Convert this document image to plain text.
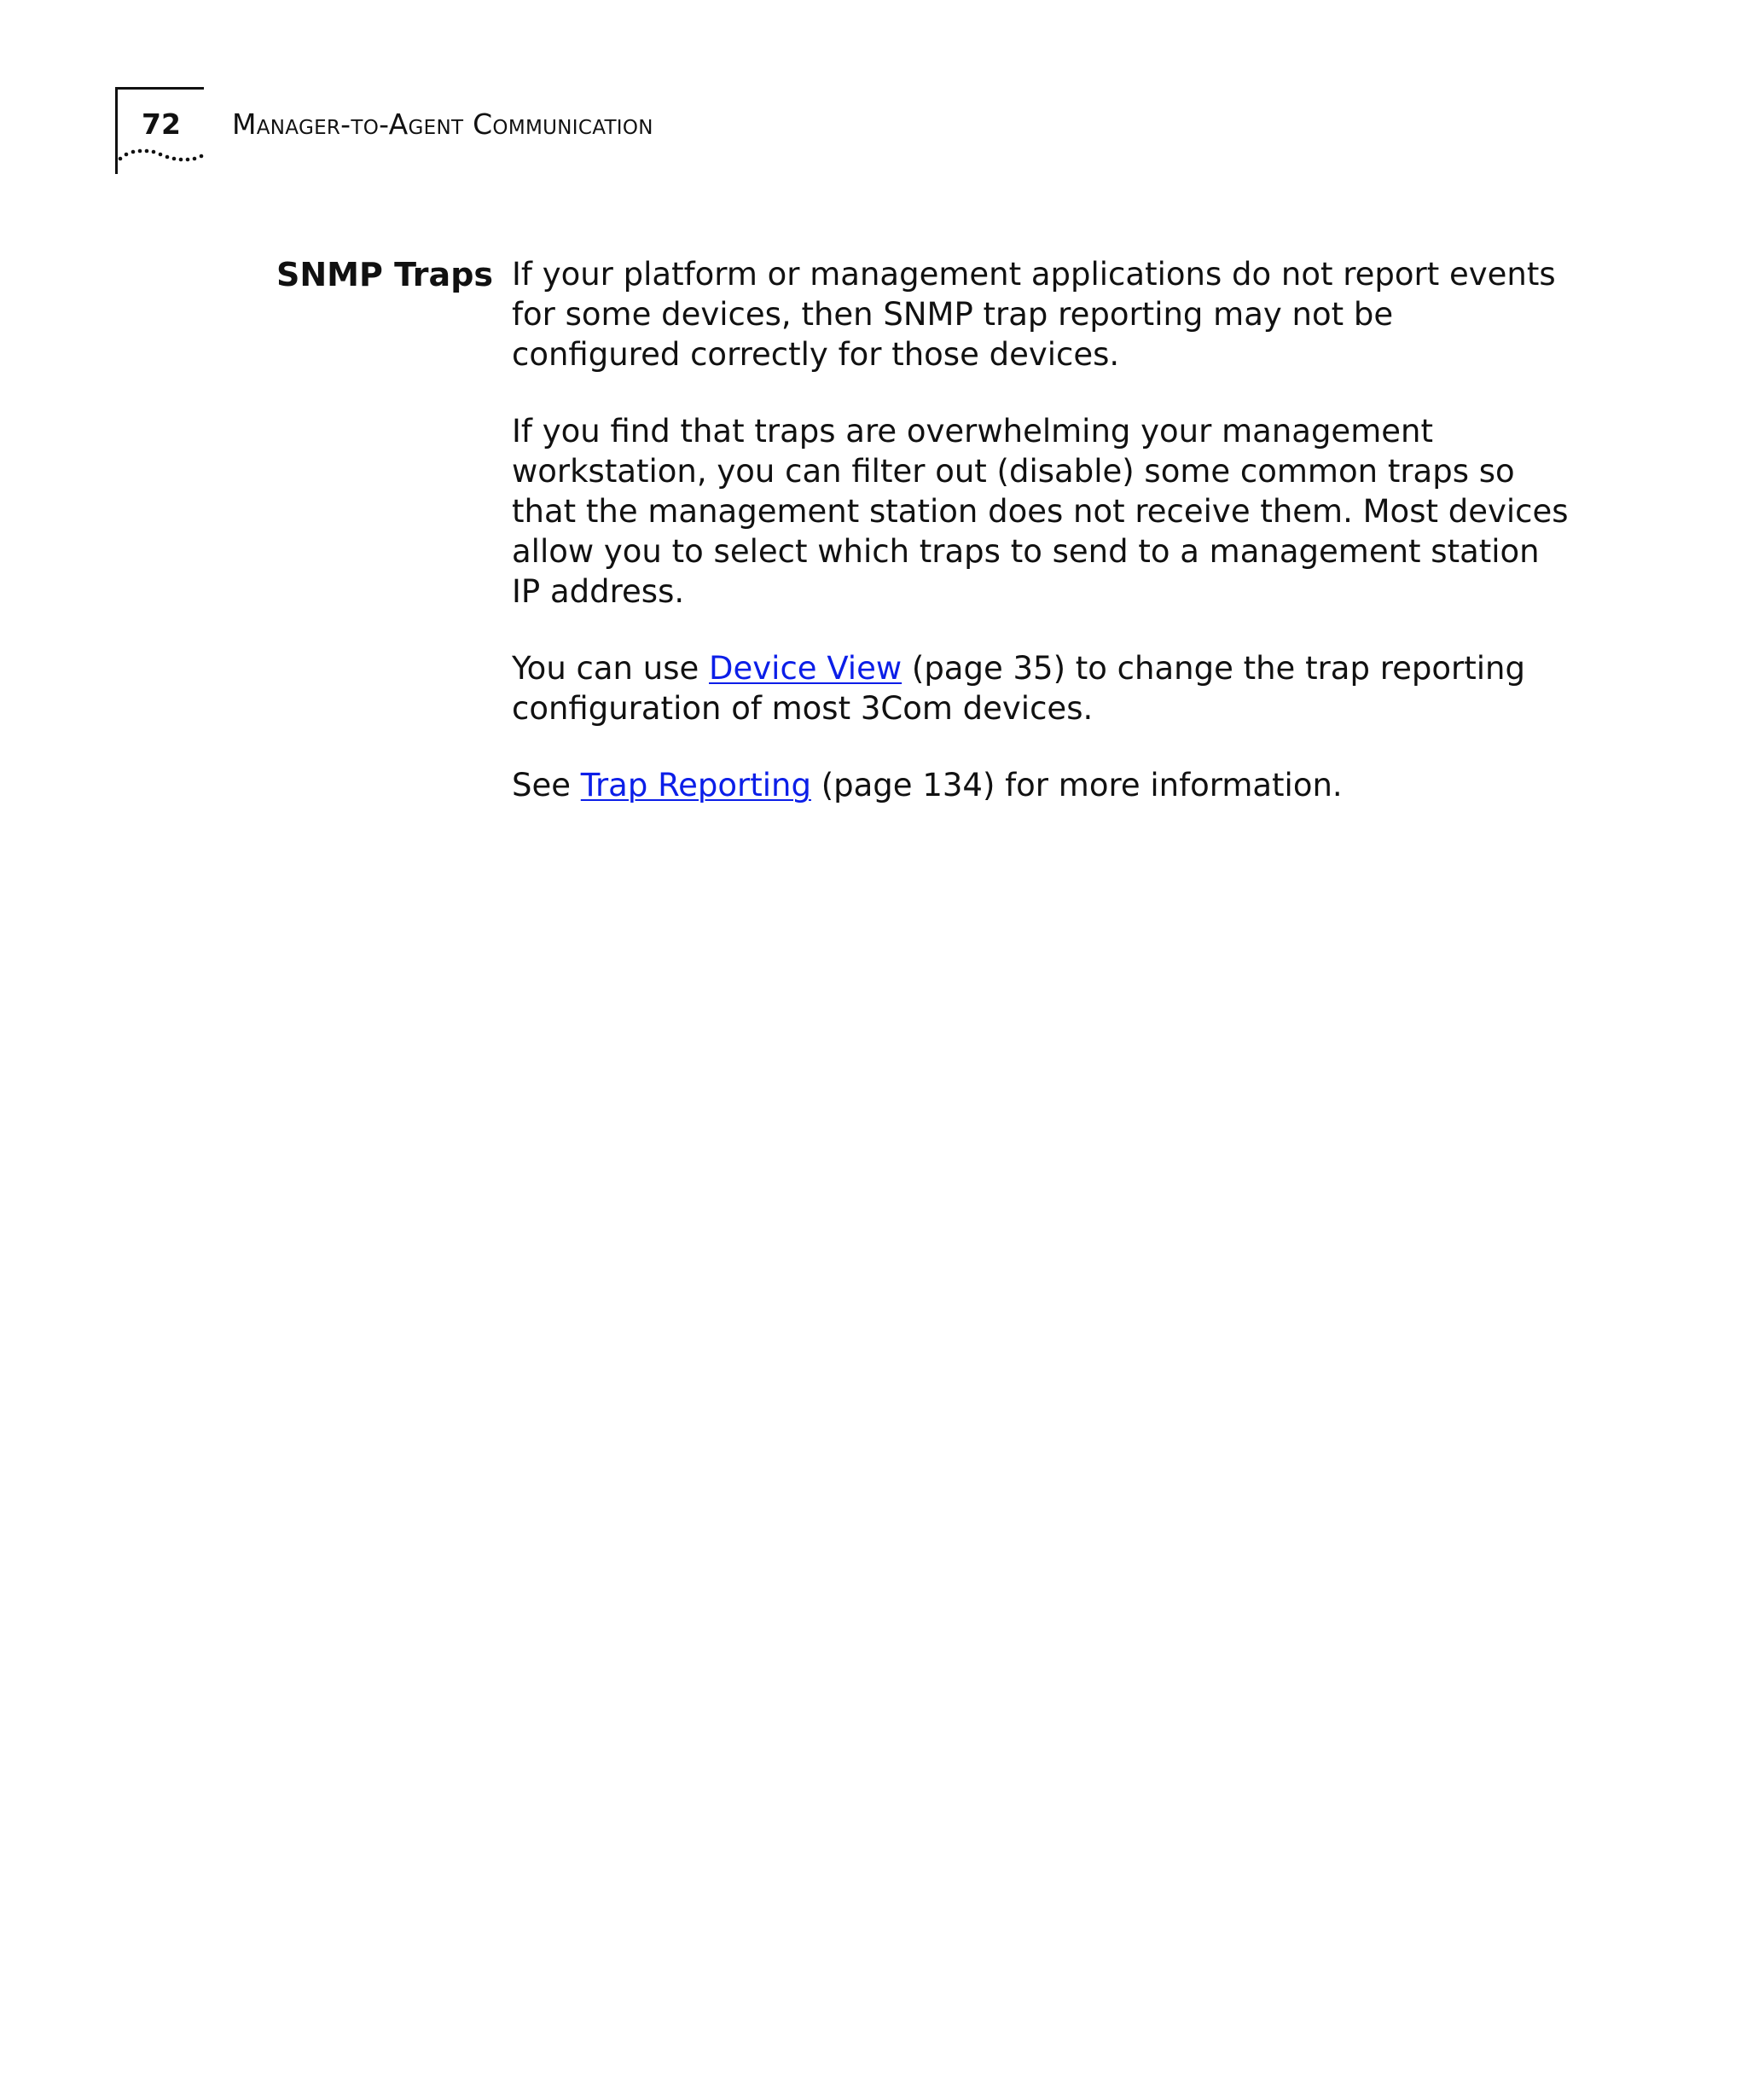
72 Manager-to-Agent Communication
SNMP Traps If your platform or management applications do not report events for some devices, then SNMP trap reporting may not be configured correctly for those devices.

If you find that traps are overwhelming your management workstation, you can filter out (disable) some common traps so that the management station does not receive them. Most devices allow you to select which traps to send to a management station IP address.

You can use Device View (page 35) to change the trap reporting configuration of most 3Com devices.

See Trap Reporting (page 134) for more information.
